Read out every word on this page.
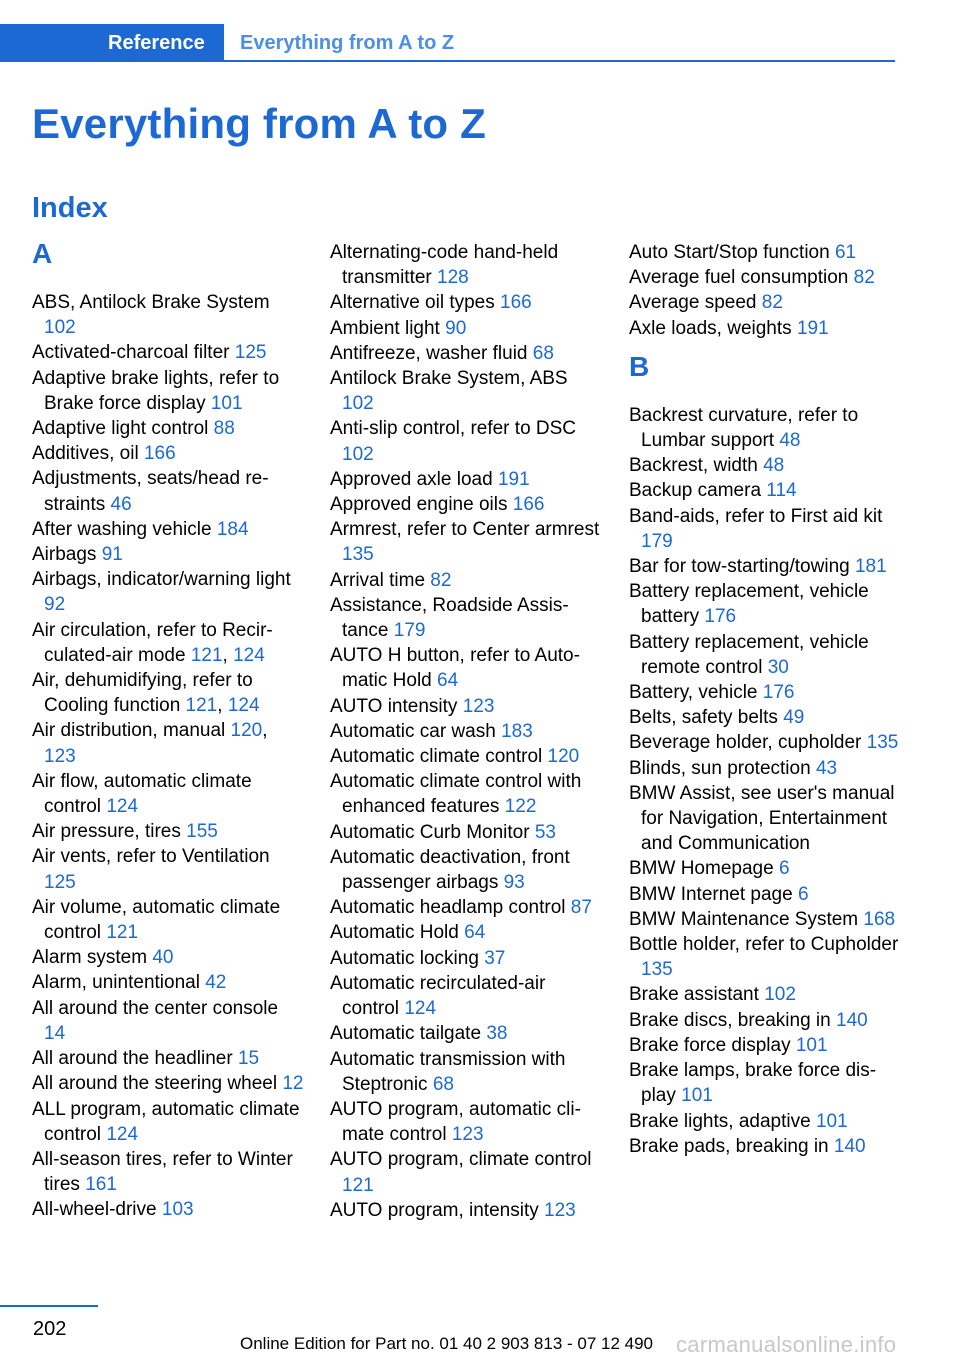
Reference Everything from A to Z
Everything from A to Z
Index
A

ABS, Antilock Brake System 102

Activated-charcoal filter 125

Adaptive brake lights, refer to Brake force display 101

Adaptive light control 88

Additives, oil 166

Adjustments, seats/head restraints 46

After washing vehicle 184

Airbags 91

Airbags, indicator/warning light 92

Air circulation, refer to Recirculated-air mode 121, 124

Air, dehumidifying, refer to Cooling function 121, 124

Air distribution, manual 120, 123

Air flow, automatic climate control 124

Air pressure, tires 155

Air vents, refer to Ventilation 125

Air volume, automatic climate control 121

Alarm system 40

Alarm, unintentional 42

All around the center console 14

All around the headliner 15

All around the steering wheel 12

ALL program, automatic climate control 124

All-season tires, refer to Winter tires 161

All-wheel-drive 103

Alternating-code hand-held transmitter 128

Alternative oil types 166

Ambient light 90

Antifreeze, washer fluid 68

Antilock Brake System, ABS 102

Anti-slip control, refer to DSC 102

Approved axle load 191

Approved engine oils 166

Armrest, refer to Center armrest 135

Arrival time 82

Assistance, Roadside Assistance 179

AUTO H button, refer to Automatic Hold 64

AUTO intensity 123

Automatic car wash 183

Automatic climate control 120

Automatic climate control with enhanced features 122

Automatic Curb Monitor 53

Automatic deactivation, front passenger airbags 93

Automatic headlamp control 87

Automatic Hold 64

Automatic locking 37

Automatic recirculated-air control 124

Automatic tailgate 38

Automatic transmission with Steptronic 68

AUTO program, automatic climate control 123

AUTO program, climate control 121

AUTO program, intensity 123

Auto Start/Stop function 61

Average fuel consumption 82

Average speed 82

Axle loads, weights 191

B

Backrest curvature, refer to Lumbar support 48

Backrest, width 48

Backup camera 114

Band-aids, refer to First aid kit 179

Bar for tow-starting/towing 181

Battery replacement, vehicle battery 176

Battery replacement, vehicle remote control 30

Battery, vehicle 176

Belts, safety belts 49

Beverage holder, cupholder 135

Blinds, sun protection 43

BMW Assist, see user's manual for Navigation, Entertainment and Communication

BMW Homepage 6

BMW Internet page 6

BMW Maintenance System 168

Bottle holder, refer to Cupholder 135

Brake assistant 102

Brake discs, breaking in 140

Brake force display 101

Brake lamps, brake force display 101

Brake lights, adaptive 101

Brake pads, breaking in 140

202
Online Edition for Part no. 01 40 2 903 813 - 07 12 490 carmanualsonline.info
